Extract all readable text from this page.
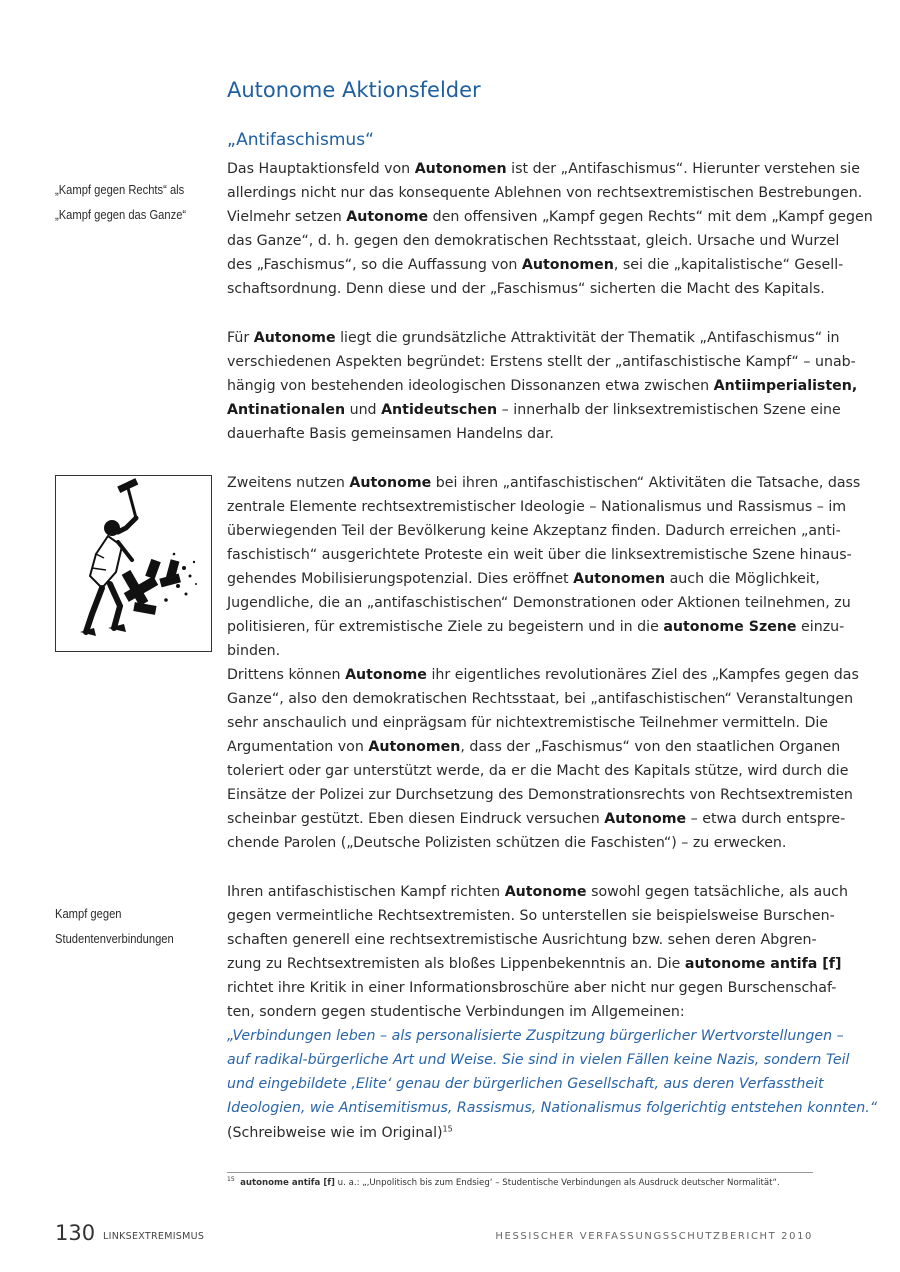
Autonome Aktionsfelder
„Antifaschismus“
„Kampf gegen Rechts“ als
„Kampf gegen das Ganze“
Kampf gegen
Studentenverbindungen
Das Hauptaktionsfeld von Autonomen ist der „Antifaschismus“. Hierunter verstehen sie
allerdings nicht nur das konsequente Ablehnen von rechtsextremistischen Bestrebungen.
Vielmehr setzen Autonome den offensiven „Kampf gegen Rechts“ mit dem „Kampf gegen
das Ganze“, d. h. gegen den demokratischen Rechtsstaat, gleich. Ursache und Wurzel
des „Faschismus“, so die Auffassung von Autonomen, sei die „kapitalistische“ Gesell-
schaftsordnung. Denn diese und der „Faschismus“ sicherten die Macht des Kapitals.
Für Autonome liegt die grundsätzliche Attraktivität der Thematik „Antifaschismus“ in
verschiedenen Aspekten begründet: Erstens stellt der „antifaschistische Kampf“ – unab-
hängig von bestehenden ideologischen Dissonanzen etwa zwischen Antiimperialisten,
Antinationalen und Antideutschen – innerhalb der linksextremistischen Szene eine
dauerhafte Basis gemeinsamen Handelns dar.
Zweitens nutzen Autonome bei ihren „antifaschistischen“ Aktivitäten die Tatsache, dass
zentrale Elemente rechtsextremistischer Ideologie – Nationalismus und Rassismus – im
überwiegenden Teil der Bevölkerung keine Akzeptanz finden. Dadurch erreichen „anti-
faschistisch“ ausgerichtete Proteste ein weit über die linksextremistische Szene hinaus-
gehendes Mobilisierungspotenzial. Dies eröffnet Autonomen auch die Möglichkeit,
Jugendliche, die an „antifaschistischen“ Demonstrationen oder Aktionen teilnehmen, zu
politisieren, für extremistische Ziele zu begeistern und in die autonome Szene einzu-
binden.
Drittens können Autonome ihr eigentliches revolutionäres Ziel des „Kampfes gegen das
Ganze“, also den demokratischen Rechtsstaat, bei „antifaschistischen“ Veranstaltungen
sehr anschaulich und einprägsam für nichtextremistische Teilnehmer vermitteln. Die
Argumentation von Autonomen, dass der „Faschismus“ von den staatlichen Organen
toleriert oder gar unterstützt werde, da er die Macht des Kapitals stütze, wird durch die
Einsätze der Polizei zur Durchsetzung des Demonstrationsrechts von Rechtsextremisten
scheinbar gestützt. Eben diesen Eindruck versuchen Autonome – etwa durch entspre-
chende Parolen („Deutsche Polizisten schützen die Faschisten“) – zu erwecken.
Ihren antifaschistischen Kampf richten Autonome sowohl gegen tatsächliche, als auch
gegen vermeintliche Rechtsextremisten. So unterstellen sie beispielsweise Burschen-
schaften generell eine rechtsextremistische Ausrichtung bzw. sehen deren Abgren-
zung zu Rechtsextremisten als bloßes Lippenbekenntnis an. Die autonome antifa [f]
richtet ihre Kritik in einer Informationsbroschüre aber nicht nur gegen Burschenschaf-
ten, sondern gegen studentische Verbindungen im Allgemeinen:
„Verbindungen leben – als personalisierte Zuspitzung bürgerlicher Wertvorstellungen –
auf radikal-bürgerliche Art und Weise. Sie sind in vielen Fällen keine Nazis, sondern Teil
und eingebildete ‚Elite‘ genau der bürgerlichen Gesellschaft, aus deren Verfasstheit
Ideologien, wie Antisemitismus, Rassismus, Nationalismus folgerichtig entstehen konnten.“
(Schreibweise wie im Original)$^{15}$
$^{15}$ autonome antifa [f] u. a.: „‚Unpolitisch bis zum Endsieg‘ – Studentische Verbindungen als Ausdruck deutscher Normalität“.
130 LINKSEXTREMISMUS	HESSISCHER VERFASSUNGSSCHUTZBERICHT 2010
